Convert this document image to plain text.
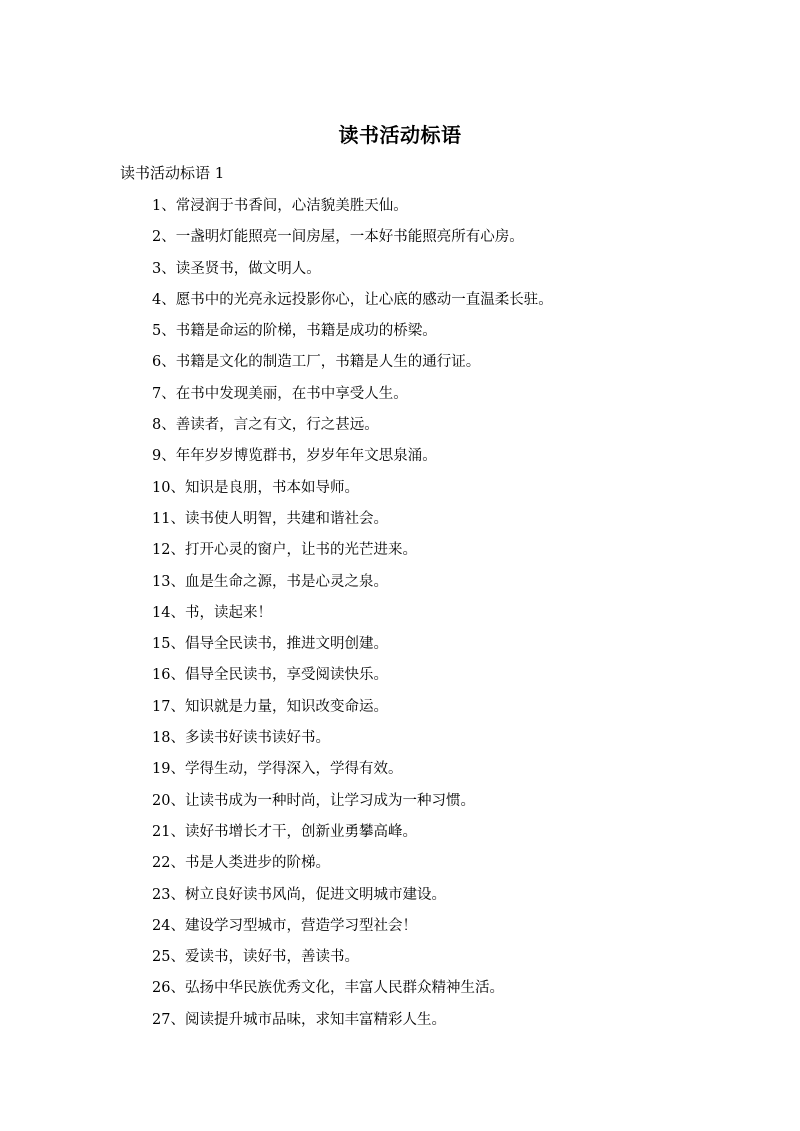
读书活动标语
读书活动标语 1
1、常浸润于书香间，心洁貌美胜天仙。
2、一盏明灯能照亮一间房屋，一本好书能照亮所有心房。
3、读圣贤书，做文明人。
4、愿书中的光亮永远投影你心，让心底的感动一直温柔长驻。
5、书籍是命运的阶梯，书籍是成功的桥梁。
6、书籍是文化的制造工厂，书籍是人生的通行证。
7、在书中发现美丽，在书中享受人生。
8、善读者，言之有文，行之甚远。
9、年年岁岁博览群书，岁岁年年文思泉涌。
10、知识是良朋，书本如导师。
11、读书使人明智，共建和谐社会。
12、打开心灵的窗户，让书的光芒进来。
13、血是生命之源，书是心灵之泉。
14、书，读起来！
15、倡导全民读书，推进文明创建。
16、倡导全民读书，享受阅读快乐。
17、知识就是力量，知识改变命运。
18、多读书好读书读好书。
19、学得生动，学得深入，学得有效。
20、让读书成为一种时尚，让学习成为一种习惯。
21、读好书增长才干，创新业勇攀高峰。
22、书是人类进步的阶梯。
23、树立良好读书风尚，促进文明城市建设。
24、建设学习型城市，营造学习型社会！
25、爱读书，读好书，善读书。
26、弘扬中华民族优秀文化，丰富人民群众精神生活。
27、阅读提升城市品味，求知丰富精彩人生。
